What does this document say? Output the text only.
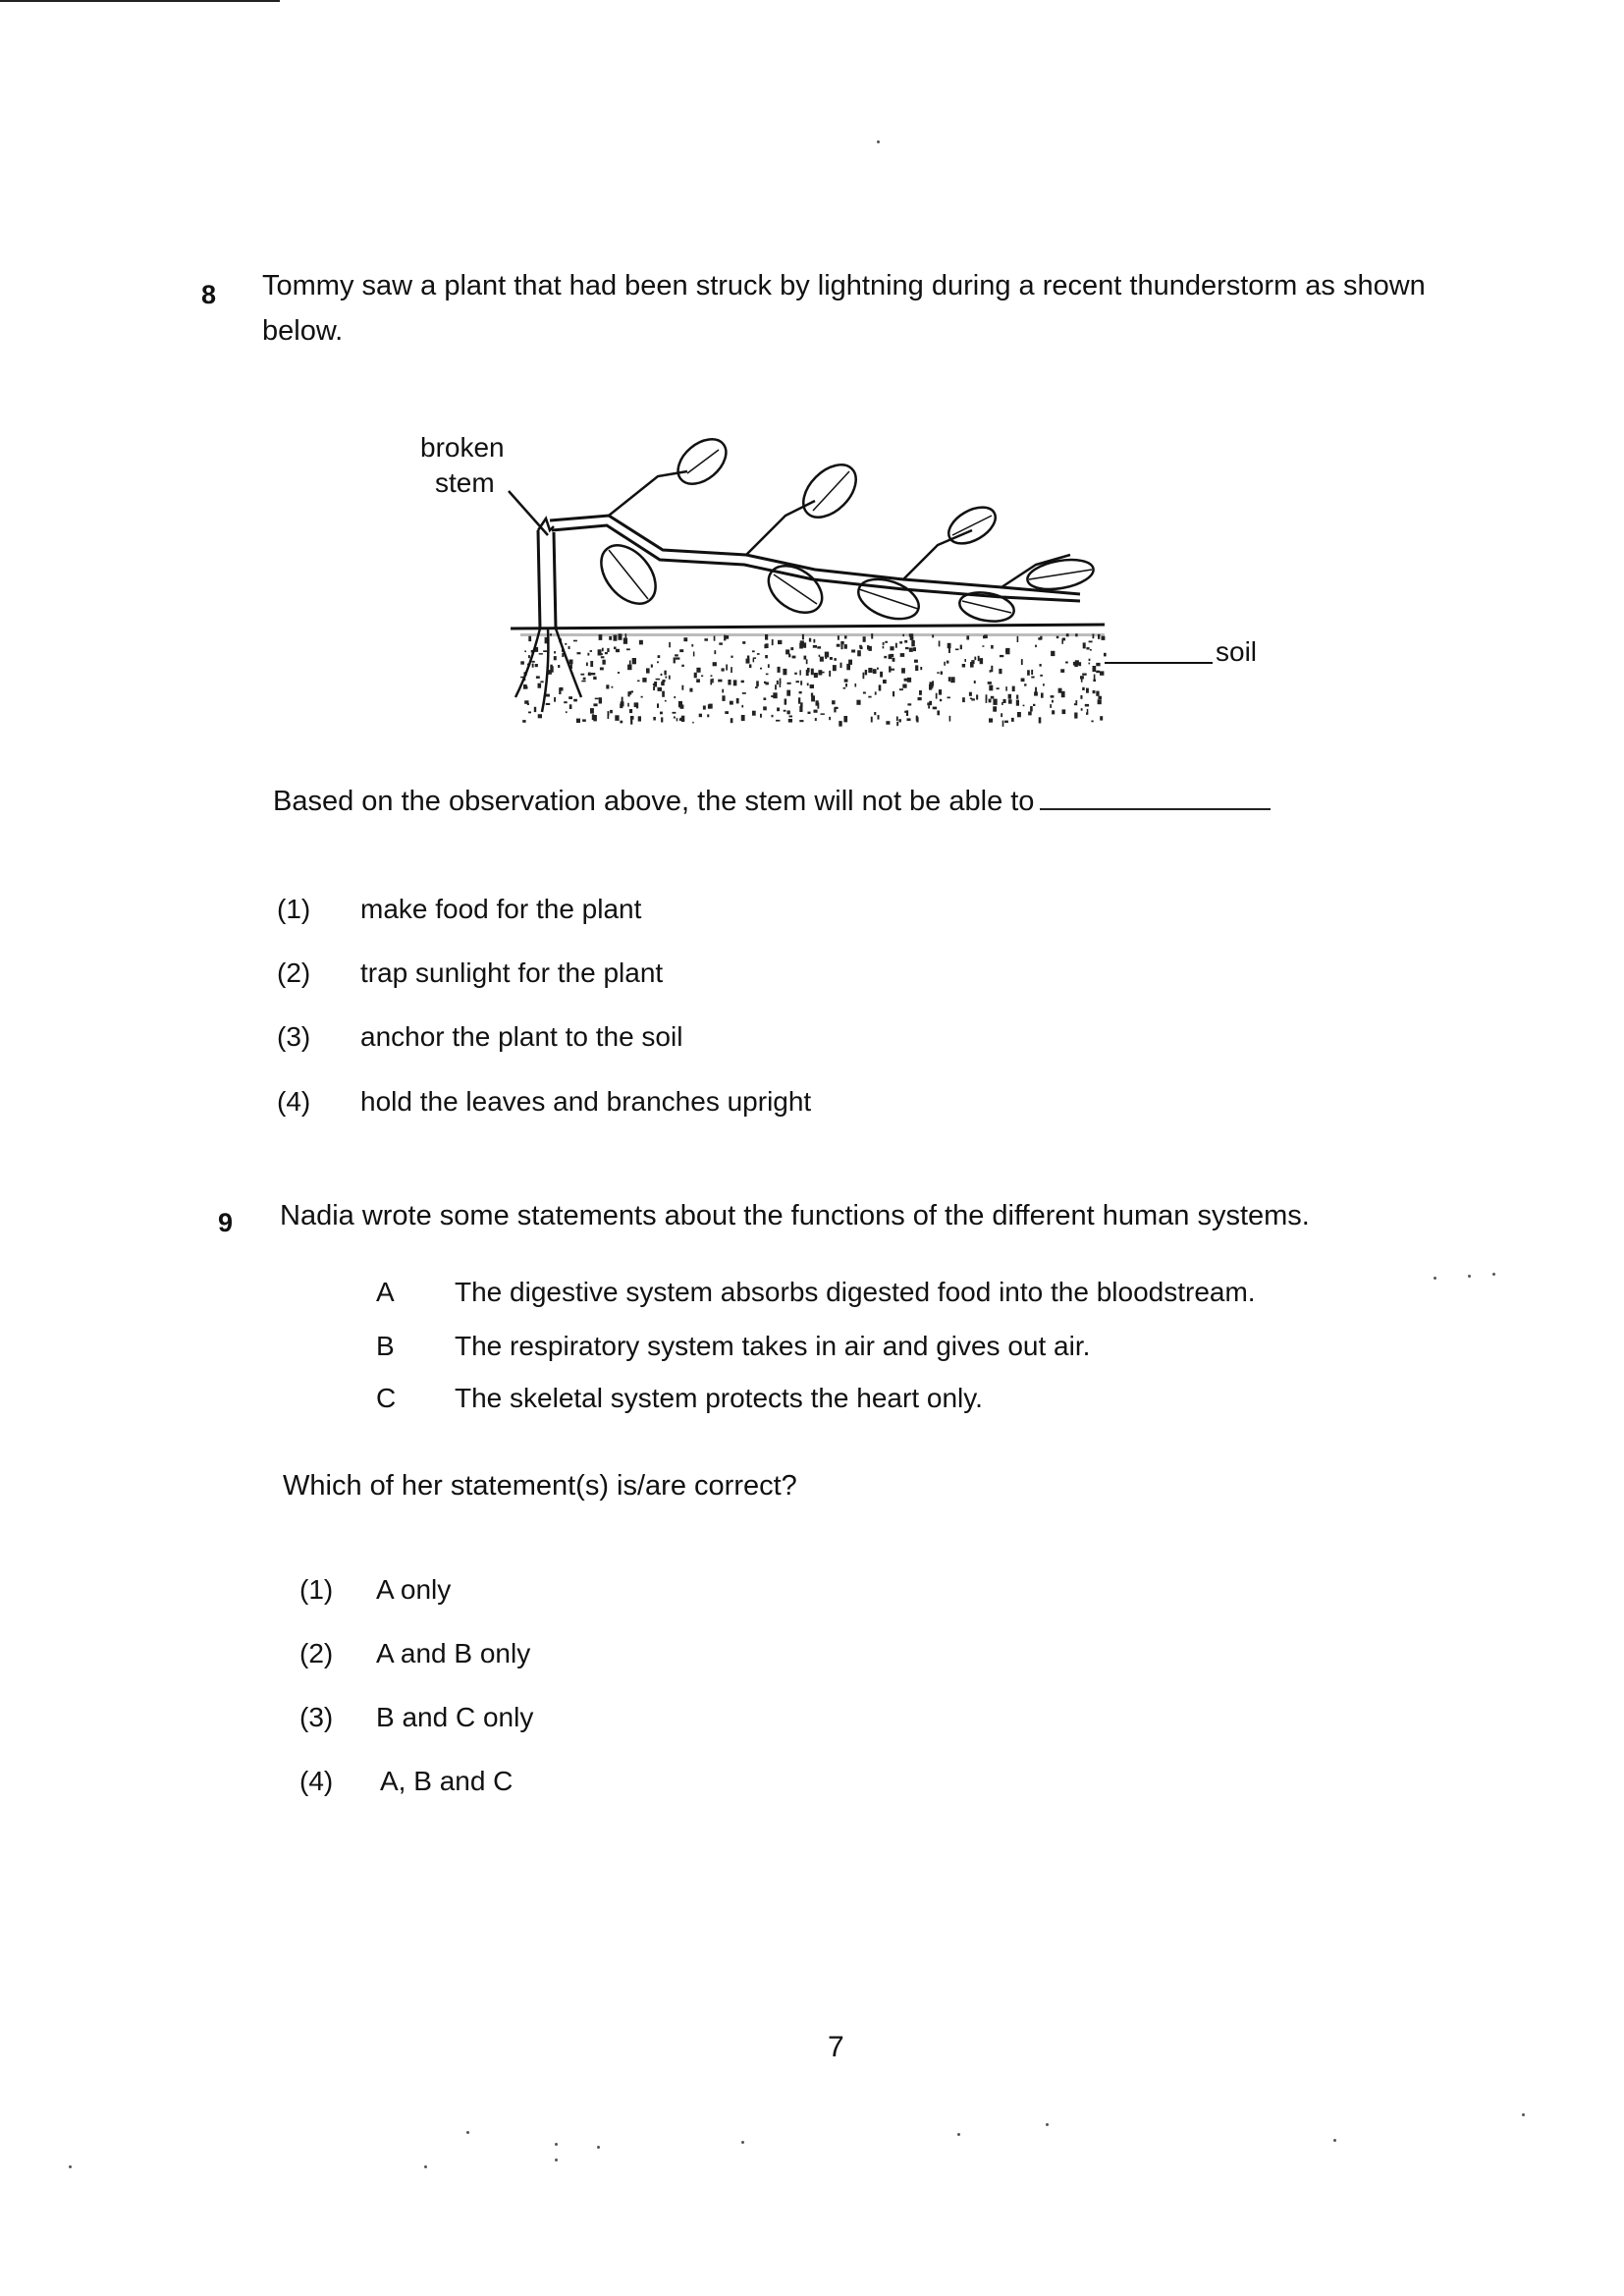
8 Tommy saw a plant that had been struck by lightning during a recent thunderstorm as shown below.
broken
stem
soil
Based on the observation above, the stem will not be able to
(1) make food for the plant
(2) trap sunlight for the plant
(3) anchor the plant to the soil
(4) hold the leaves and branches upright
9 Nadia wrote some statements about the functions of the different human systems.
A The digestive system absorbs digested food into the bloodstream.
B The respiratory system takes in air and gives out air.
C The skeletal system protects the heart only.
Which of her statement(s) is/are correct?
(1) A only
(2) A and B only
(3) B and C only
(4) A, B and C
7
